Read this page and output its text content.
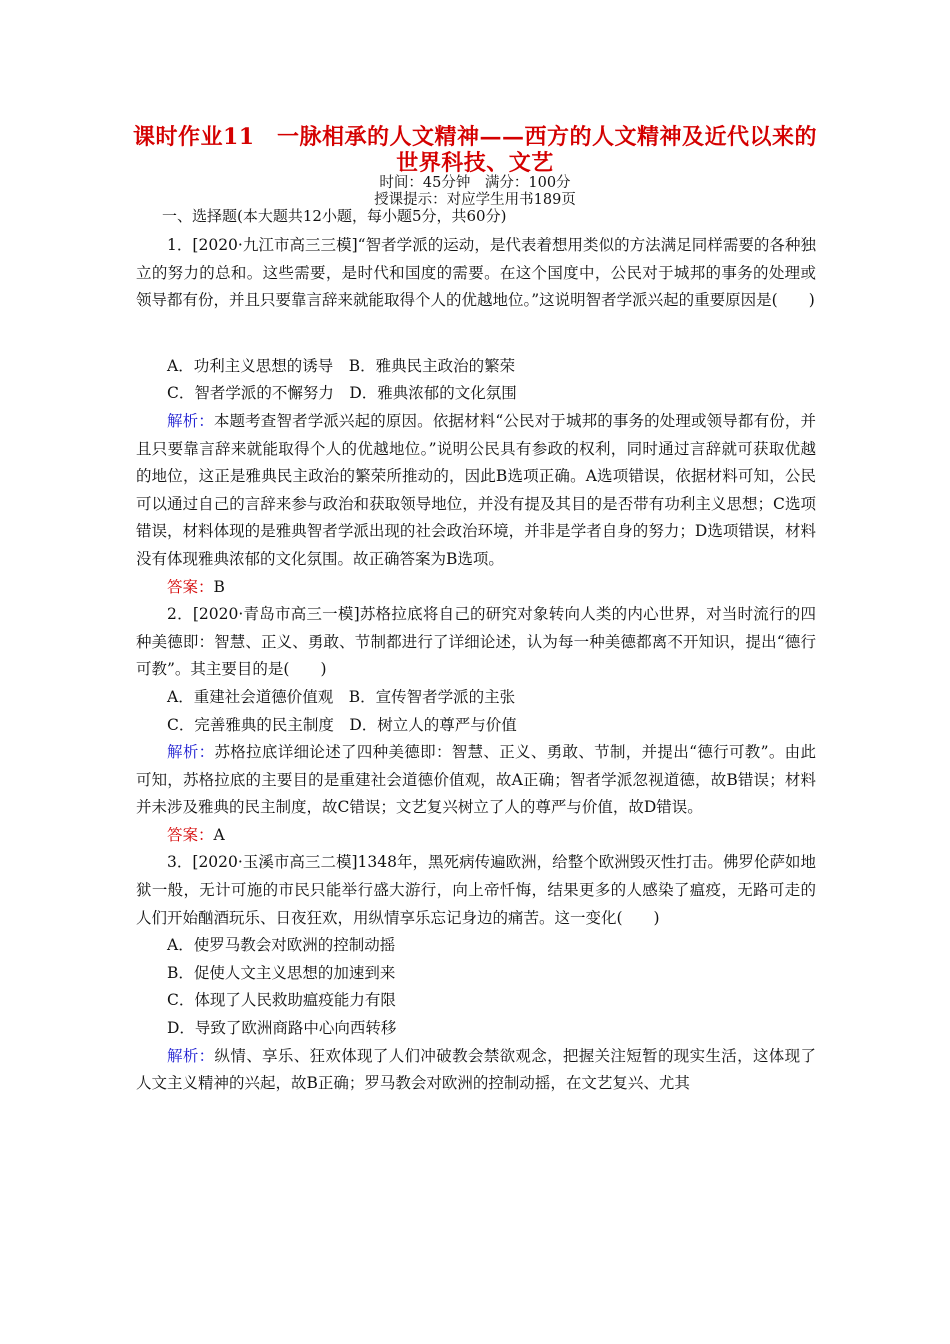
课时作业11　一脉相承的人文精神——西方的人文精神及近代以来的
世界科技、文艺
时间：45分钟　满分：100分
授课提示：对应学生用书189页
一、选择题(本大题共12小题，每小题5分，共60分)

1．[2020·九江市高三三模]“智者学派的运动，是代表着想用类似的方法满足同样需要的各种独立的努力的总和。这些需要，是时代和国度的需要。在这个国度中，公民对于城邦的事务的处理或领导都有份，并且只要靠言辞来就能取得个人的优越地位。”这说明智者学派兴起的重要原因是(　　)

A．功利主义思想的诱导　B．雅典民主政治的繁荣

C．智者学派的不懈努力　D．雅典浓郁的文化氛围

解析：本题考查智者学派兴起的原因。依据材料“公民对于城邦的事务的处理或领导都有份，并且只要靠言辞来就能取得个人的优越地位。”说明公民具有参政的权利，同时通过言辞就可获取优越的地位，这正是雅典民主政治的繁荣所推动的，因此B选项正确。A选项错误，依据材料可知，公民可以通过自己的言辞来参与政治和获取领导地位，并没有提及其目的是否带有功利主义思想；C选项错误，材料体现的是雅典智者学派出现的社会政治环境，并非是学者自身的努力；D选项错误，材料没有体现雅典浓郁的文化氛围。故正确答案为B选项。

答案：B

2．[2020·青岛市高三一模]苏格拉底将自己的研究对象转向人类的内心世界，对当时流行的四种美德即：智慧、正义、勇敢、节制都进行了详细论述，认为每一种美德都离不开知识，提出“德行可教”。其主要目的是(　　)

A．重建社会道德价值观　B．宣传智者学派的主张

C．完善雅典的民主制度　D．树立人的尊严与价值

解析：苏格拉底详细论述了四种美德即：智慧、正义、勇敢、节制，并提出“德行可教”。由此可知，苏格拉底的主要目的是重建社会道德价值观，故A正确；智者学派忽视道德，故B错误；材料并未涉及雅典的民主制度，故C错误；文艺复兴树立了人的尊严与价值，故D错误。

答案：A

3．[2020·玉溪市高三二模]1348年，黑死病传遍欧洲，给整个欧洲毁灭性打击。佛罗伦萨如地狱一般，无计可施的市民只能举行盛大游行，向上帝忏悔，结果更多的人感染了瘟疫，无路可走的人们开始酗酒玩乐、日夜狂欢，用纵情享乐忘记身边的痛苦。这一变化(　　)

A．使罗马教会对欧洲的控制动摇

B．促使人文主义思想的加速到来

C．体现了人民救助瘟疫能力有限

D．导致了欧洲商路中心向西转移

解析：纵情、享乐、狂欢体现了人们冲破教会禁欲观念，把握关注短暂的现实生活，这体现了人文主义精神的兴起，故B正确；罗马教会对欧洲的控制动摇，在文艺复兴、尤其
